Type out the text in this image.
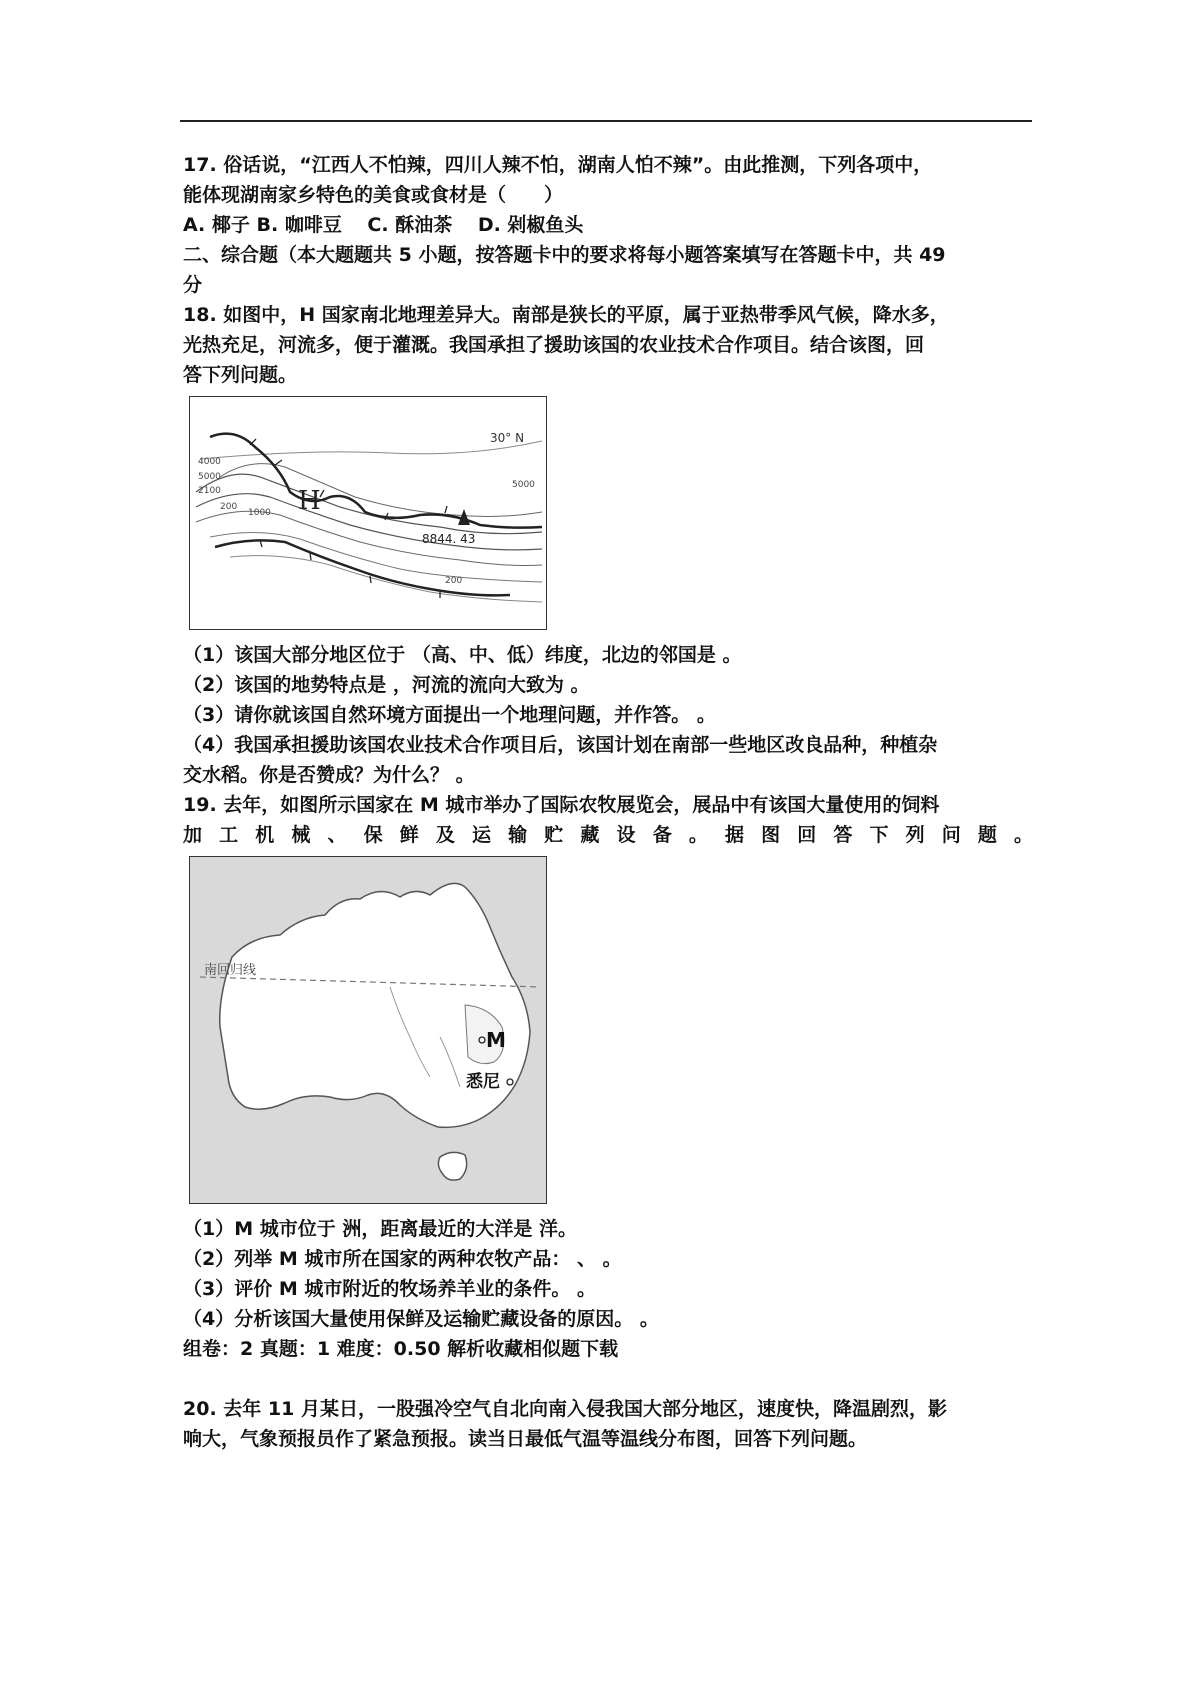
17. 俗话说，“江西人不怕辣，四川人辣不怕，湖南人怕不辣”。由此推测，下列各项中，

能体现湖南家乡特色的美食或食材是（　　）

A. 椰子 B. 咖啡豆　 C. 酥油茶　 D. 剁椒鱼头

二、综合题（本大题题共 5 小题，按答题卡中的要求将每小题答案填写在答题卡中，共 49

分

18. 如图中，H 国家南北地理差异大。南部是狭长的平原，属于亚热带季风气候，降水多，

光热充足，河流多，便于灌溉。我国承担了援助该国的农业技术合作项目。结合该图，回

答下列问题。

30° N
4000
5000
2100
200
1000
5000
200
H
8844. 43

（1）该国大部分地区位于 （高、中、低）纬度，北边的邻国是 。

（2）该国的地势特点是 ，河流的流向大致为 。

（3）请你就该国自然环境方面提出一个地理问题，并作答。 。

（4）我国承担援助该国农业技术合作项目后，该国计划在南部一些地区改良品种，种植杂

交水稻。你是否赞成？为什么？ 。

19. 去年，如图所示国家在 M 城市举办了国际农牧展览会，展品中有该国大量使用的饲料

加工机械、保鲜及运输贮藏设备。据图回答下列问题。

南回归线
M
悉尼

（1）M 城市位于 洲，距离最近的大洋是 洋。

（2）列举 M 城市所在国家的两种农牧产品： 、 。

（3）评价 M 城市附近的牧场养羊业的条件。 。

（4）分析该国大量使用保鲜及运输贮藏设备的原因。 。

组卷：2 真题：1 难度：0.50 解析收藏相似题下载

20. 去年 11 月某日，一股强冷空气自北向南入侵我国大部分地区，速度快，降温剧烈，影

响大，气象预报员作了紧急预报。读当日最低气温等温线分布图，回答下列问题。
